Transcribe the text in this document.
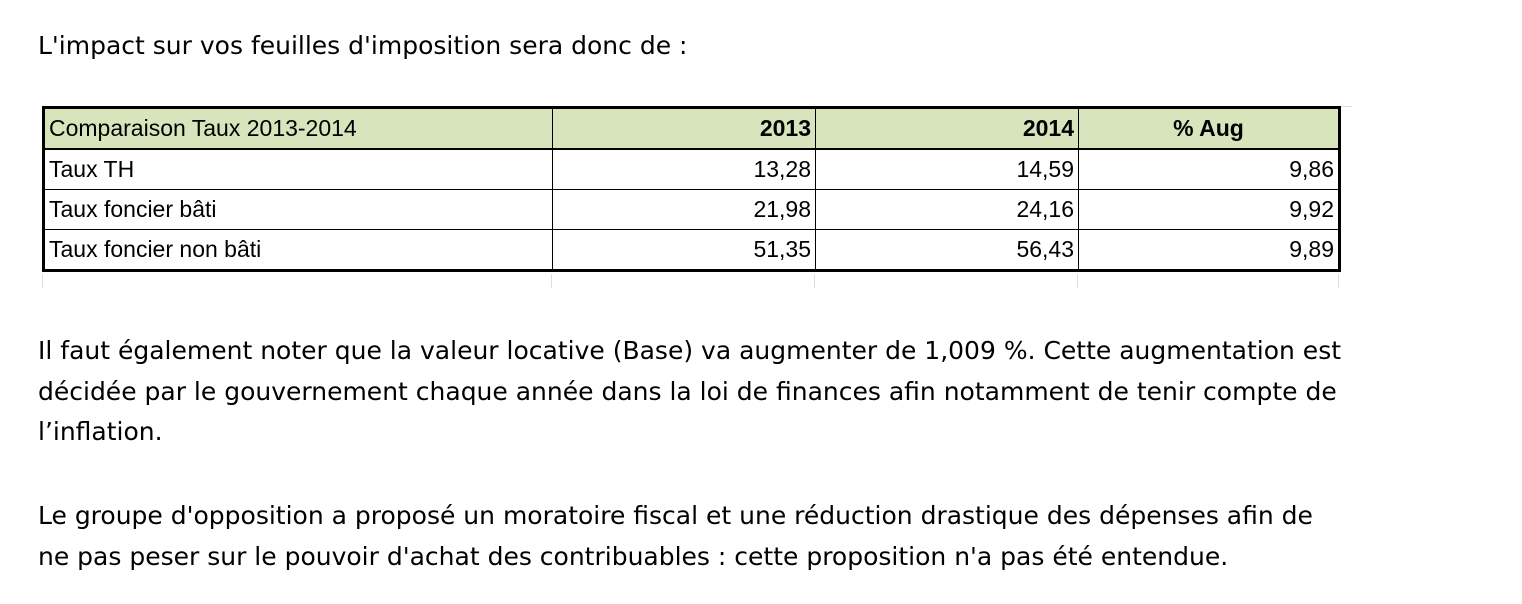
L'impact sur vos feuilles d'imposition sera donc de :
Comparaison Taux 2013-2014	2013	2014	% Aug
Taux TH	13,28	14,59	9,86
Taux foncier bâti	21,98	24,16	9,92
Taux foncier non bâti	51,35	56,43	9,89

Il faut également noter que la valeur locative (Base) va augmenter de 1,009 %. Cette augmentation est
décidée par le gouvernement chaque année dans la loi de finances afin notamment de tenir compte de
l’inflation.

Le groupe d'opposition a proposé un moratoire fiscal et une réduction drastique des dépenses afin de
ne pas peser sur le pouvoir d'achat des contribuables : cette proposition n'a pas été entendue.
